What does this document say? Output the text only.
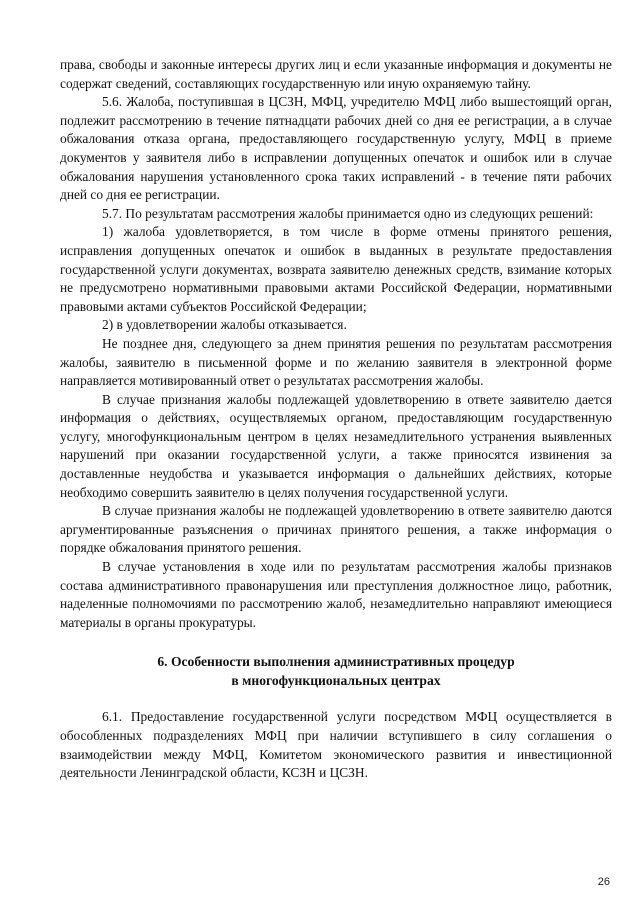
права, свободы и законные интересы других лиц и если указанные информация и документы не содержат сведений, составляющих государственную или иную охраняемую тайну.

5.6. Жалоба, поступившая в ЦСЗН, МФЦ, учредителю МФЦ либо вышестоящий орган, подлежит рассмотрению в течение пятнадцати рабочих дней со дня ее регистрации, а в случае обжалования отказа органа, предоставляющего государственную услугу, МФЦ в приеме документов у заявителя либо в исправлении допущенных опечаток и ошибок или в случае обжалования нарушения установленного срока таких исправлений - в течение пяти рабочих дней со дня ее регистрации.

5.7. По результатам рассмотрения жалобы принимается одно из следующих решений:

1) жалоба удовлетворяется, в том числе в форме отмены принятого решения, исправления допущенных опечаток и ошибок в выданных в результате предоставления государственной услуги документах, возврата заявителю денежных средств, взимание которых не предусмотрено нормативными правовыми актами Российской Федерации, нормативными правовыми актами субъектов Российской Федерации;

2) в удовлетворении жалобы отказывается.

Не позднее дня, следующего за днем принятия решения по результатам рассмотрения жалобы, заявителю в письменной форме и по желанию заявителя в электронной форме направляется мотивированный ответ о результатах рассмотрения жалобы.

В случае признания жалобы подлежащей удовлетворению в ответе заявителю дается информация о действиях, осуществляемых органом, предоставляющим государственную услугу, многофункциональным центром в целях незамедлительного устранения выявленных нарушений при оказании государственной услуги, а также приносятся извинения за доставленные неудобства и указывается информация о дальнейших действиях, которые необходимо совершить заявителю в целях получения государственной услуги.

В случае признания жалобы не подлежащей удовлетворению в ответе заявителю даются аргументированные разъяснения о причинах принятого решения, а также информация о порядке обжалования принятого решения.

В случае установления в ходе или по результатам рассмотрения жалобы признаков состава административного правонарушения или преступления должностное лицо, работник, наделенные полномочиями по рассмотрению жалоб, незамедлительно направляют имеющиеся материалы в органы прокуратуры.

6. Особенности выполнения административных процедур
в многофункциональных центрах

6.1. Предоставление государственной услуги посредством МФЦ осуществляется в обособленных подразделениях МФЦ при наличии вступившего в силу соглашения о взаимодействии между МФЦ, Комитетом экономического развития и инвестиционной деятельности Ленинградской области, КСЗН и ЦСЗН.

26
